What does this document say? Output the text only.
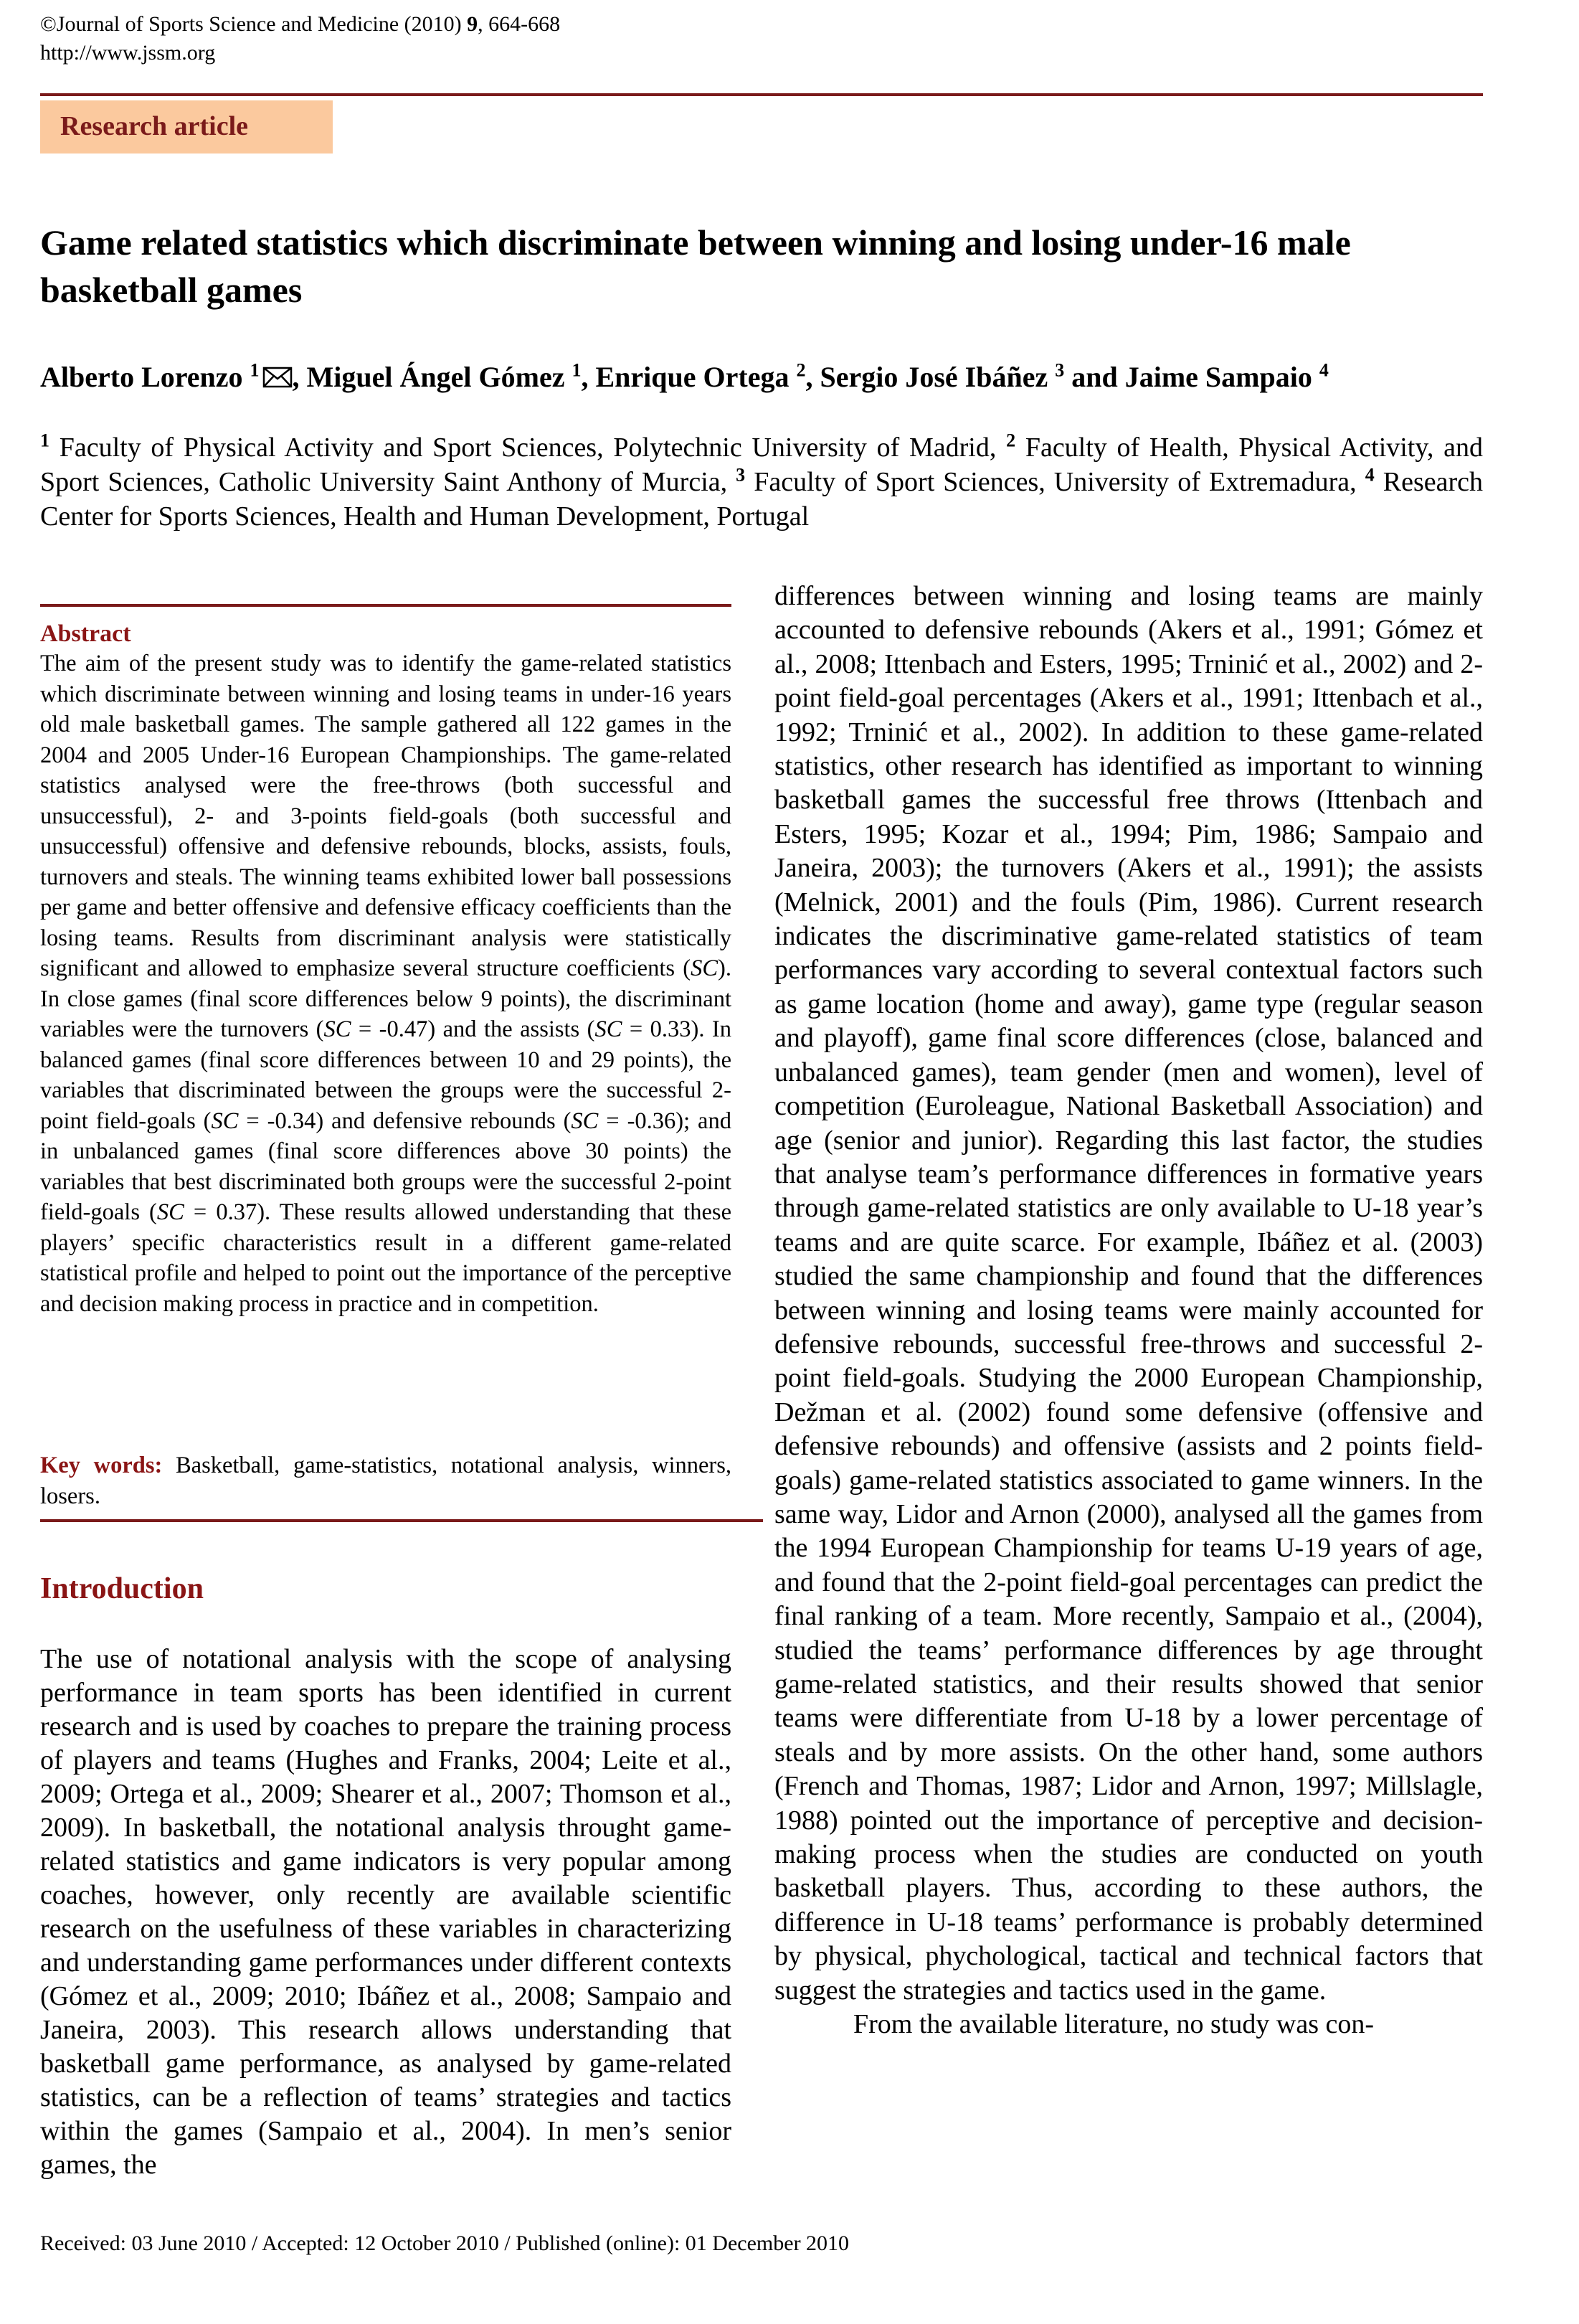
©Journal of Sports Science and Medicine (2010) 9, 664-668
http://www.jssm.org
Research article
Game related statistics which discriminate between winning and losing under-16 male basketball games
Alberto Lorenzo $^1$ , Miguel Ángel Gómez $^1$, Enrique Ortega $^2$, Sergio José Ibáñez $^3$ and Jaime Sampaio $^4$
$^1$ Faculty of Physical Activity and Sport Sciences, Polytechnic University of Madrid, $^2$ Faculty of Health, Physical Activity, and Sport Sciences, Catholic University Saint Anthony of Murcia, $^3$ Faculty of Sport Sciences, University of Extremadura, $^4$ Research Center for Sports Sciences, Health and Human Development, Portugal
Abstract

The aim of the present study was to identify the game-related statistics which discriminate between winning and losing teams in under-16 years old male basketball games. The sample gathered all 122 games in the 2004 and 2005 Under-16 European Championships. The game-related statistics analysed were the free-throws (both successful and unsuccessful), 2- and 3-points field-goals (both successful and unsuccessful) offensive and defensive rebounds, blocks, assists, fouls, turnovers and steals. The winning teams exhibited lower ball possessions per game and better offensive and defensive efficacy coefficients than the losing teams. Results from discriminant analysis were statistically significant and allowed to emphasize several structure coefficients (SC). In close games (final score differences below 9 points), the discriminant variables were the turnovers (SC = -0.47) and the assists (SC = 0.33). In balanced games (final score differences between 10 and 29 points), the variables that discriminated between the groups were the successful 2-point field-goals (SC = -0.34) and defensive rebounds (SC = -0.36); and in unbalanced games (final score differences above 30 points) the variables that best discriminated both groups were the successful 2-point field-goals (SC = 0.37). These results allowed understanding that these players’ specific characteristics result in a different game-related statistical profile and helped to point out the importance of the perceptive and decision making process in practice and in competition.

Key words: Basketball, game-statistics, notational analysis, winners, losers.
Introduction

The use of notational analysis with the scope of analysing performance in team sports has been identified in current research and is used by coaches to prepare the training process of players and teams (Hughes and Franks, 2004; Leite et al., 2009; Ortega et al., 2009; Shearer et al., 2007; Thomson et al., 2009). In basketball, the notational analysis throught game-related statistics and game indicators is very popular among coaches, however, only recently are available scientific research on the usefulness of these variables in characterizing and understanding game performances under different contexts (Gómez et al., 2009; 2010; Ibáñez et al., 2008; Sampaio and Janeira, 2003). This research allows understanding that basketball game performance, as analysed by game-related statistics, can be a reflection of teams’ strategies and tactics within the games (Sampaio et al., 2004). In men’s senior games, the

differences between winning and losing teams are mainly accounted to defensive rebounds (Akers et al., 1991; Gómez et al., 2008; Ittenbach and Esters, 1995; Trninić et al., 2002) and 2-point field-goal percentages (Akers et al., 1991; Ittenbach et al., 1992; Trninić et al., 2002). In addition to these game-related statistics, other research has identified as important to winning basketball games the successful free throws (Ittenbach and Esters, 1995; Kozar et al., 1994; Pim, 1986; Sampaio and Janeira, 2003); the turnovers (Akers et al., 1991); the assists (Melnick, 2001) and the fouls (Pim, 1986). Current research indicates the discriminative game-related statistics of team performances vary according to several contextual factors such as game location (home and away), game type (regular season and playoff), game final score differences (close, balanced and unbalanced games), team gender (men and women), level of competition (Euroleague, National Basketball Association) and age (senior and junior). Regarding this last factor, the studies that analyse team’s performance differences in formative years through game-related statistics are only available to U-18 year’s teams and are quite scarce. For example, Ibáñez et al. (2003) studied the same championship and found that the differences between winning and losing teams were mainly accounted for defensive rebounds, successful free-throws and successful 2-point field-goals. Studying the 2000 European Championship, Dežman et al. (2002) found some defensive (offensive and defensive rebounds) and offensive (assists and 2 points field-goals) game-related statistics associated to game winners. In the same way, Lidor and Arnon (2000), analysed all the games from the 1994 European Championship for teams U-19 years of age, and found that the 2-point field-goal percentages can predict the final ranking of a team. More recently, Sampaio et al., (2004), studied the teams’ performance differences by age throught game-related statistics, and their results showed that senior teams were differentiate from U-18 by a lower percentage of steals and by more assists. On the other hand, some authors (French and Thomas, 1987; Lidor and Arnon, 1997; Millslagle, 1988) pointed out the importance of perceptive and decision-making process when the studies are conducted on youth basketball players. Thus, according to these authors, the difference in U-18 teams’ performance is probably determined by physical, phychological, tactical and technical factors that suggest the strategies and tactics used in the game.

From the available literature, no study was con-

Received: 03 June 2010 / Accepted: 12 October 2010 / Published (online): 01 December 2010
